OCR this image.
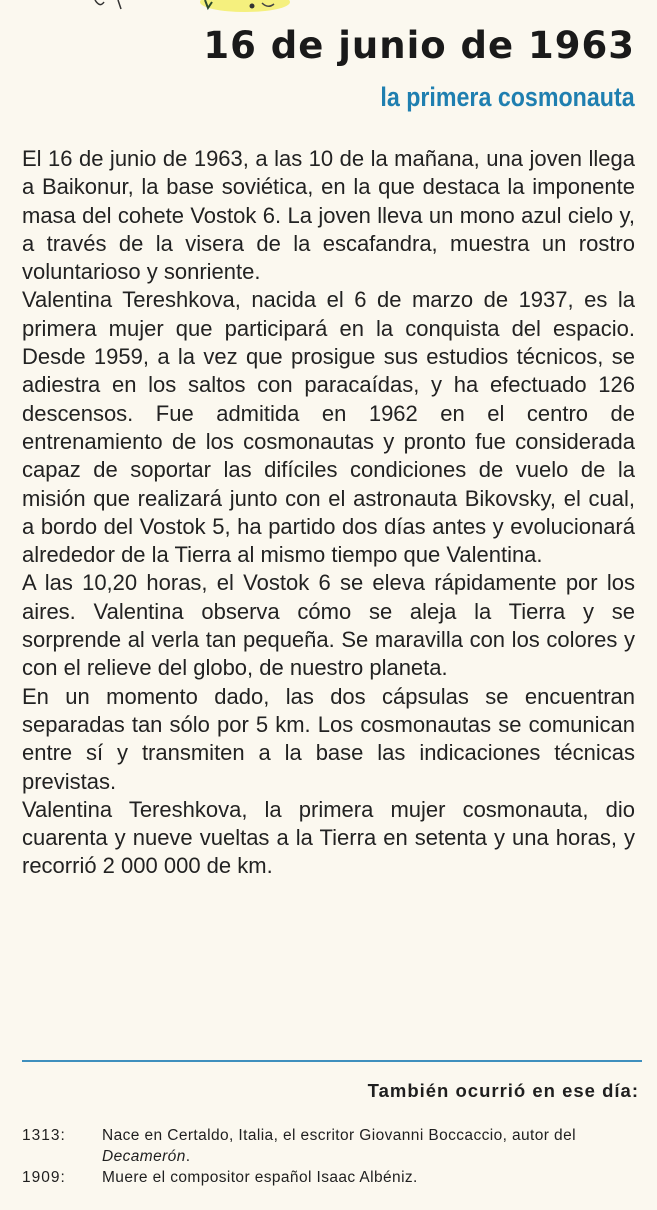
16 de junio de 1963
la primera cosmonauta

El 16 de junio de 1963, a las 10 de la mañana, una joven llega a Baikonur, la base soviética, en la que destaca la imponente masa del cohete Vostok 6. La joven lleva un mono azul cielo y, a través de la visera de la escafandra, muestra un rostro voluntarioso y sonriente.

Valentina Tereshkova, nacida el 6 de marzo de 1937, es la primera mujer que participará en la conquista del espacio. Desde 1959, a la vez que prosigue sus estudios técnicos, se adiestra en los saltos con paracaídas, y ha efectuado 126 descensos. Fue admitida en 1962 en el centro de entrenamiento de los cosmonautas y pronto fue considerada capaz de soportar las difíciles condiciones de vuelo de la misión que realizará junto con el astronauta Bikovsky, el cual, a bordo del Vostok 5, ha partido dos días antes y evolucionará alrededor de la Tierra al mismo tiempo que Valentina.

A las 10,20 horas, el Vostok 6 se eleva rápidamente por los aires. Valentina observa cómo se aleja la Tierra y se sorprende al verla tan pequeña. Se maravilla con los colores y con el relieve del globo, de nuestro planeta.

En un momento dado, las dos cápsulas se encuentran separadas tan sólo por 5 km. Los cosmonautas se comunican entre sí y transmiten a la base las indicaciones técnicas previstas.

Valentina Tereshkova, la primera mujer cosmonauta, dio cuarenta y nueve vueltas a la Tierra en setenta y una horas, y recorrió 2 000 000 de km.

También ocurrió en ese día:
1313:	Nace en Certaldo, Italia, el escritor Giovanni Boccaccio, autor del Decamerón.
1909:	Muere el compositor español Isaac Albéniz.
